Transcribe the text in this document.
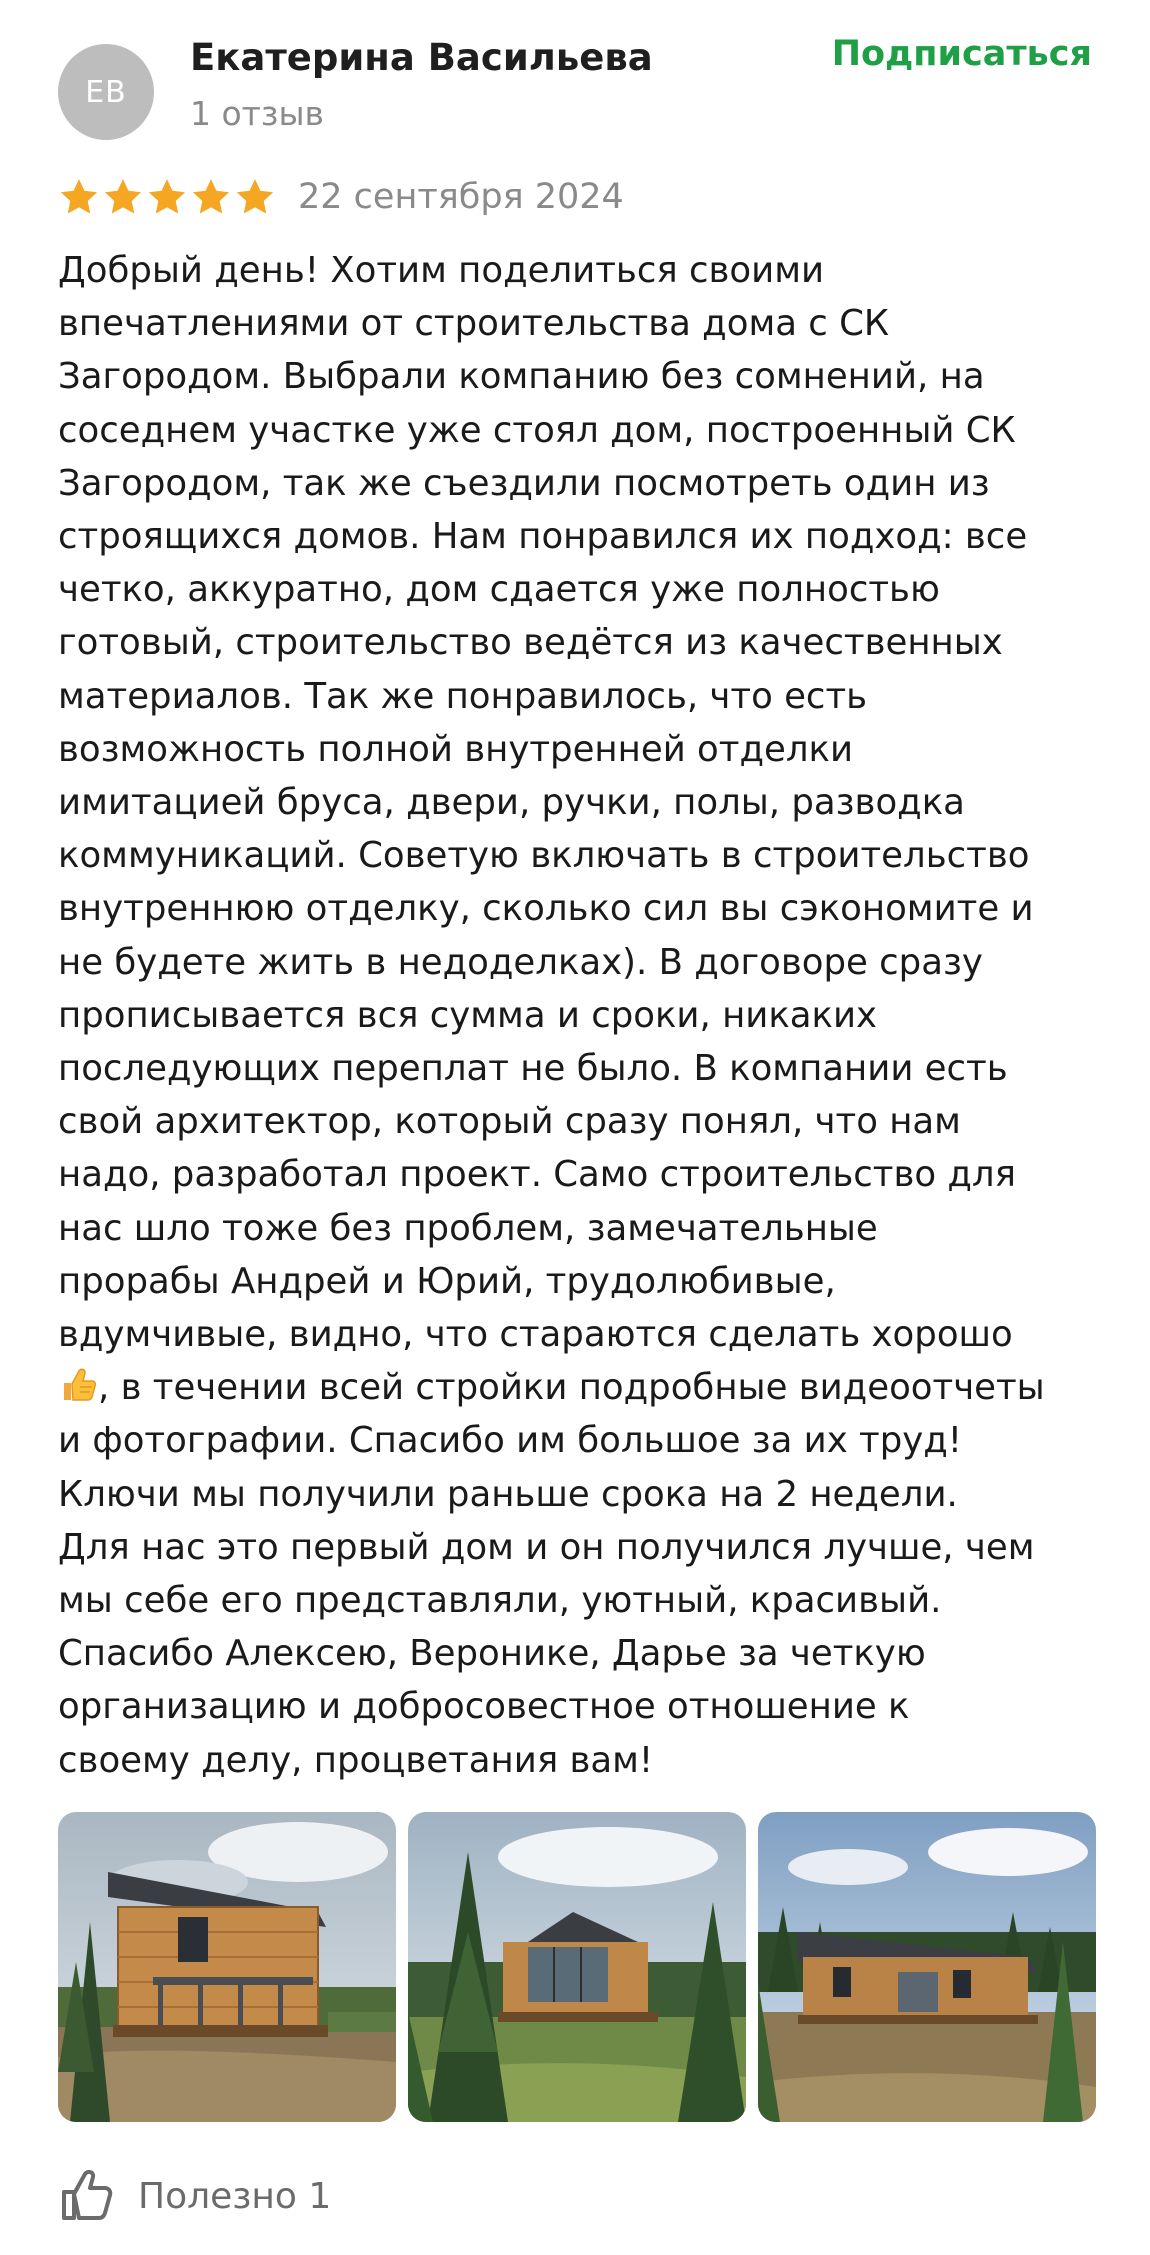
ЕВ
Екатерина Васильева
1 отзыв
Подписаться
22 сентября 2024
Добрый день! Хотим поделиться своими
впечатлениями от строительства дома с СК
Загородом. Выбрали компанию без сомнений, на
соседнем участке уже стоял дом, построенный СК
Загородом, так же съездили посмотреть один из
строящихся домов. Нам понравился их подход: все
четко, аккуратно, дом сдается уже полностью
готовый, строительство ведётся из качественных
материалов. Так же понравилось, что есть
возможность полной внутренней отделки
имитацией бруса, двери, ручки, полы, разводка
коммуникаций. Советую включать в строительство
внутреннюю отделку, сколько сил вы сэкономите и
не будете жить в недоделках). В договоре сразу
прописывается вся сумма и сроки, никаких
последующих переплат не было. В компании есть
свой архитектор, который сразу понял, что нам
надо, разработал проект. Само строительство для
нас шло тоже без проблем, замечательные
прорабы Андрей и Юрий, трудолюбивые,
вдумчивые, видно, что стараются сделать хорошо
, в течении всей стройки подробные видеоотчеты
и фотографии. Спасибо им большое за их труд!
Ключи мы получили раньше срока на 2 недели.
Для нас это первый дом и он получился лучше, чем
мы себе его представляли, уютный, красивый.
Спасибо Алексею, Веронике, Дарье за четкую
организацию и добросовестное отношение к
своему делу, процветания вам!
Полезно 1
